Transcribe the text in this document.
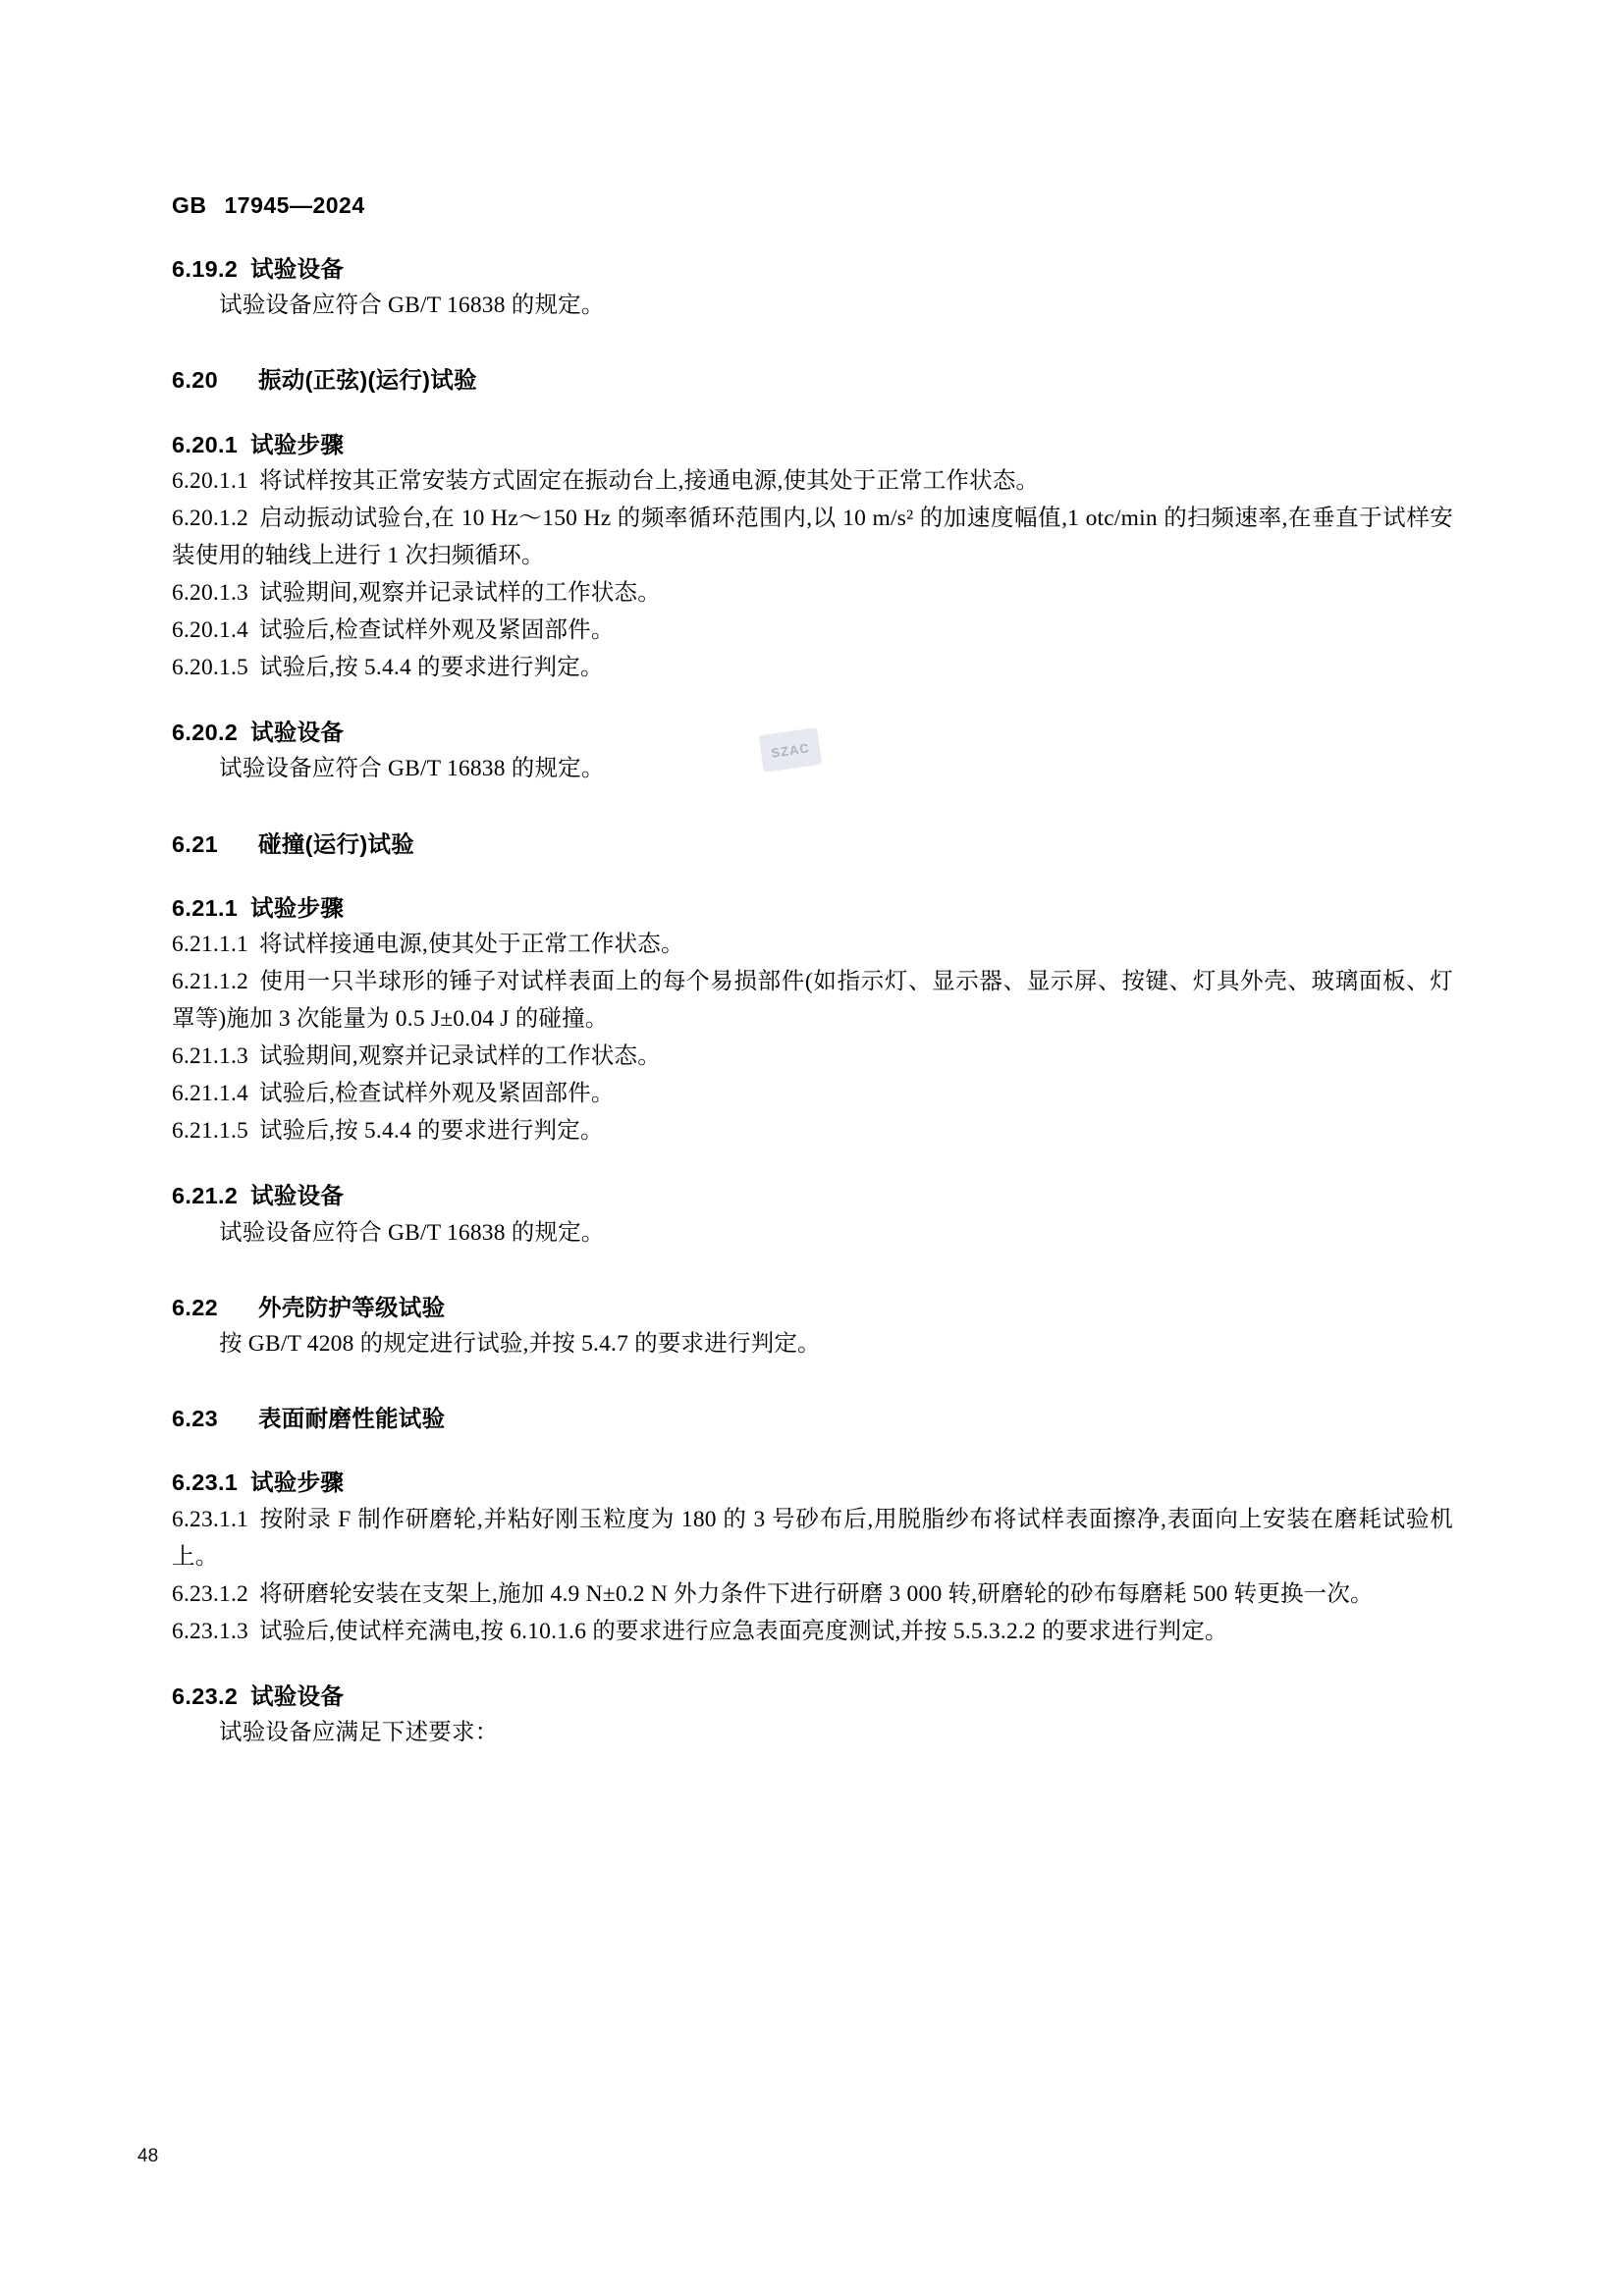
GB 17945—2024
6.19.2 试验设备

试验设备应符合 GB/T 16838 的规定。

6.20 振动(正弦)(运行)试验
6.20.1 试验步骤

6.20.1.1 将试样按其正常安装方式固定在振动台上,接通电源,使其处于正常工作状态。

6.20.1.2 启动振动试验台,在 10 Hz～150 Hz 的频率循环范围内,以 10 m/s² 的加速度幅值,1 otc/min 的扫频速率,在垂直于试样安装使用的轴线上进行 1 次扫频循环。

6.20.1.3 试验期间,观察并记录试样的工作状态。

6.20.1.4 试验后,检查试样外观及紧固部件。

6.20.1.5 试验后,按 5.4.4 的要求进行判定。

6.20.2 试验设备

试验设备应符合 GB/T 16838 的规定。

6.21 碰撞(运行)试验
6.21.1 试验步骤

6.21.1.1 将试样接通电源,使其处于正常工作状态。

6.21.1.2 使用一只半球形的锤子对试样表面上的每个易损部件(如指示灯、显示器、显示屏、按键、灯具外壳、玻璃面板、灯罩等)施加 3 次能量为 0.5 J±0.04 J 的碰撞。

6.21.1.3 试验期间,观察并记录试样的工作状态。

6.21.1.4 试验后,检查试样外观及紧固部件。

6.21.1.5 试验后,按 5.4.4 的要求进行判定。

6.21.2 试验设备

试验设备应符合 GB/T 16838 的规定。

6.22 外壳防护等级试验

按 GB/T 4208 的规定进行试验,并按 5.4.7 的要求进行判定。

6.23 表面耐磨性能试验
6.23.1 试验步骤

6.23.1.1 按附录 F 制作研磨轮,并粘好刚玉粒度为 180 的 3 号砂布后,用脱脂纱布将试样表面擦净,表面向上安装在磨耗试验机上。

6.23.1.2 将研磨轮安装在支架上,施加 4.9 N±0.2 N 外力条件下进行研磨 3 000 转,研磨轮的砂布每磨耗 500 转更换一次。

6.23.1.3 试验后,使试样充满电,按 6.10.1.6 的要求进行应急表面亮度测试,并按 5.5.3.2.2 的要求进行判定。

6.23.2 试验设备

试验设备应满足下述要求：

SZAC
48
